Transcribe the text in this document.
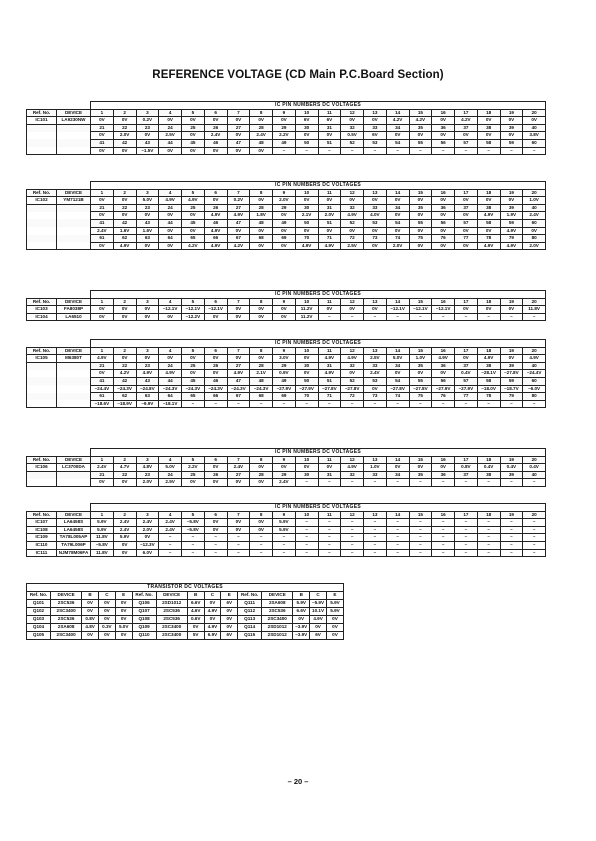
REFERENCE VOLTAGE (CD Main P.C.Board Section)
		IC PIN NUMBERS DC VOLTAGES																			
Ref. No.	DEVICE	1	2	3	4	5	6	7	8	9	10	11	12	13	14	15	16	17	18	19	20
IC101	LA9230NW	0V	0V	0.2V	0V	0V	0V	0V	0V	0V	6V	6V	0V	0V	4.2V	4.2V	0V	4.2V	0V	0V	0V
		21	22	23	24	25	26	27	28	29	30	31	32	33	34	35	36	37	38	39	40
		0V	2.0V	0V	2.5V	0V	2.4V	0V	2.4V	2.2V	0V	0V	0.5V	6V	0V	0V	0V	0V	0V	0V	3.8V
		41	42	43	44	45	46	47	48	49	50	51	52	53	54	55	56	57	58	59	60
		0V	0V	–1.5V	0V	0V	0V	0V	0V	–	–	–	–	–	–	–	–	–	–	–	–
		IC PIN NUMBERS DC VOLTAGES																			
Ref. No.	DEVICE	1	2	3	4	5	6	7	8	9	10	11	12	13	14	15	16	17	18	19	20
IC102	YM7121B	0V	0V	5.0V	4.9V	4.9V	0V	0.2V	0V	2.0V	0V	0V	0V	0V	0V	0V	0V	0V	0V	0V	1.0V
		21	22	23	24	25	26	27	28	29	30	31	32	33	34	35	36	37	38	39	40
		0V	0V	0V	0V	0V	4.9V	4.9V	1.8V	0V	2.1V	2.0V	4.9V	4.0V	0V	0V	0V	0V	4.9V	1.9V	2.4V
		41	42	43	44	45	46	47	48	49	50	51	52	53	54	55	56	57	58	59	60
		2.4V	1.6V	1.6V	0V	0V	4.9V	0V	0V	0V	0V	0V	0V	0V	0V	0V	0V	0V	0V	4.9V	0V
		61	62	63	64	65	66	67	68	69	70	71	72	73	74	75	76	77	78	79	80
		0V	4.9V	0V	0V	4.2V	4.9V	4.2V	0V	0V	4.9V	4.9V	2.5V	0V	2.0V	0V	0V	0V	4.9V	4.9V	2.0V
		IC PIN NUMBERS DC VOLTAGES																			
Ref. No.	DEVICE	1	2	3	4	5	6	7	8	9	10	11	12	13	14	15	16	17	18	19	20
IC103	FA8038P	0V	0V	0V	–12.1V	–12.1V	–12.1V	0V	0V	0V	11.2V	0V	0V	0V	–12.1V	–12.1V	–12.1V	0V	0V	0V	11.8V
IC104	LA6510	0V	0V	0V	0V	–12.2V	0V	0V	0V	0V	11.2V	–	–	–	–	–	–	–	–	–	–
		IC PIN NUMBERS DC VOLTAGES																			
Ref. No.	DEVICE	1	2	3	4	5	6	7	8	9	10	11	12	13	14	15	16	17	18	19	20
IC105	M6380T	4.9V	0V	0V	0V	0V	0V	0V	0V	3.0V	0V	4.9V	4.9V	2.5V	5.0V	1.0V	4.9V	0V	4.9V	0V	4.9V
		21	22	23	24	25	26	27	28	29	30	31	32	33	34	35	36	37	38	39	40
		0V	4.2V	4.9V	4.9V	0V	0V	4.9V	2.1V	0.9V	0V	4.9V	0V	2.4V	0V	0V	0V	0.4V	–28.1V	–27.8V	–24.4V
		41	42	43	44	45	46	47	48	49	50	51	52	53	54	55	56	57	58	59	60
		–24.4V	–24.3V	–24.8V	–24.3V	–24.3V	–24.3V	–24.3V	–24.3V	–27.9V	–27.9V	–27.8V	–27.8V	0V	–27.8V	–27.8V	–27.9V	–27.9V	–18.0V	–18.7V	–6.0V
		61	62	63	64	65	66	67	68	69	70	71	72	73	74	75	76	77	78	79	80
		–18.6V	–18.9V	–9.9V	–18.1V	–	–	–	–	–	–	–	–	–	–	–	–	–	–	–	–
		IC PIN NUMBERS DC VOLTAGES																			
Ref. No.	DEVICE	1	2	3	4	5	6	7	8	9	10	11	12	13	14	15	16	17	18	19	20
IC106	LC3700DA	2.4V	4.7V	4.8V	5.0V	2.2V	0V	2.4V	0V	0V	0V	0V	4.9V	1.0V	0V	0V	0V	0.8V	0.4V	0.4V	0.4V
		21	22	23	24	25	26	27	28	29	30	31	32	33	34	35	36	37	38	39	40
		0V	0V	2.0V	2.5V	0V	0V	0V	0V	2.4V	–	–	–	–	–	–	–	–	–	–	–
		IC PIN NUMBERS DC VOLTAGES																			
Ref. No.	DEVICE	1	2	3	4	5	6	7	8	9	10	11	12	13	14	15	16	17	18	19	20
IC107	LA6458S	5.9V	2.4V	2.4V	2.4V	–5.8V	0V	0V	0V	5.9V	–	–	–	–	–	–	–	–	–	–	–
IC108	LA6458S	5.9V	2.4V	2.0V	2.4V	–5.8V	0V	0V	0V	5.9V	–	–	–	–	–	–	–	–	–	–	–
IC109	TA78L005AP	11.8V	5.9V	0V	–	–	–	–	–	–	–	–	–	–	–	–	–	–	–	–	–
IC110	TA79L006P	–5.8V	0V	–12.3V	–	–	–	–	–	–	–	–	–	–	–	–	–	–	–	–	–
IC111	NJM78M06FA	11.8V	0V	6.0V	–	–	–	–	–	–	–	–	–	–	–	–	–	–	–	–	–
TRANSISTOR DC VOLTAGES														
Ref. No.	DEVICE	B	C	E	Ref. No.	DEVICE	B	C	E	Ref. No.	DEVICE	B	C	E
Q101	2SC536	0V	0V	0V	Q106	2SD1012	6.6V	0V	6V	Q111	2SA608	5.9V	–5.9V	5.9V
Q102	2SC3400	0V	0V	0V	Q107	2SC536	4.6V	4.9V	0V	Q112	2SC536	6.6V	10.1V	5.9V
Q103	2SC536	0.8V	0V	0V	Q108	2SC536	0.6V	0V	0V	Q113	2SC3400	0V	4.9V	0V
Q104	2SA608	4.8V	0.3V	5.0V	Q109	2SC3400	0V	4.9V	0V	Q114	2SD1012	–3.9V	0V	0V
Q105	2SC3400	0V	0V	0V	Q110	2SC3400	5V	6.9V	6V	Q115	2SD1012	–3.9V	6V	0V
– 20 –
